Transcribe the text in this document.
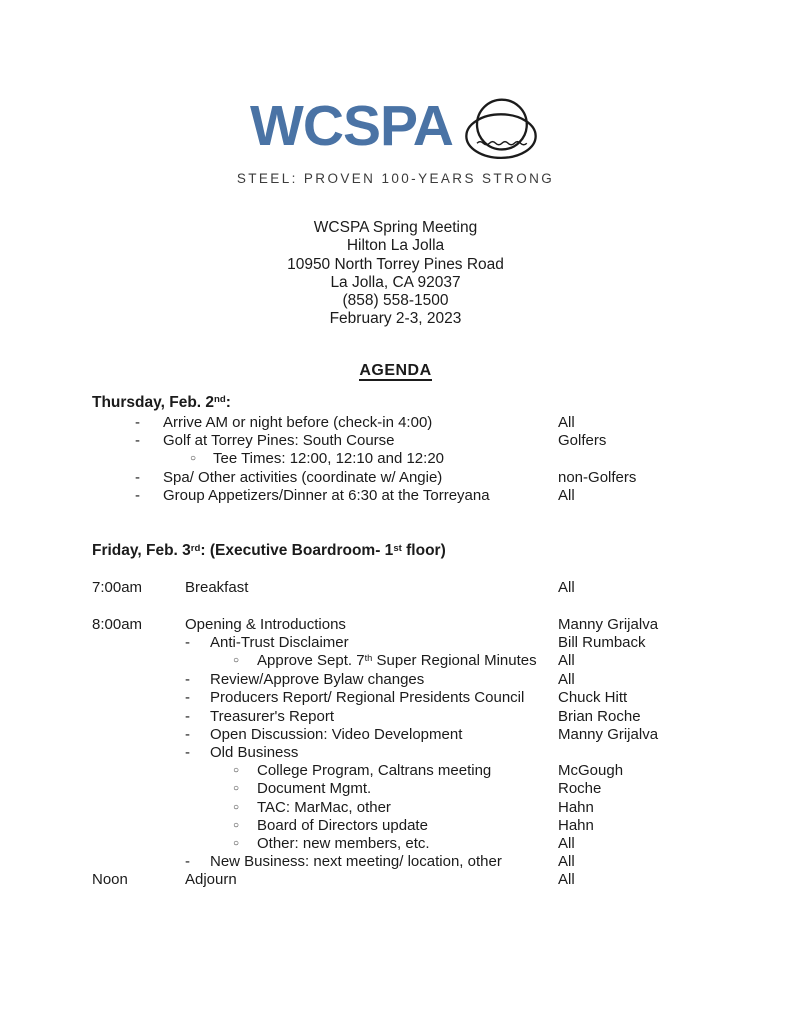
WCSPA
STEEL: PROVEN 100-YEARS STRONG
WCSPA Spring Meeting
Hilton La Jolla
10950 North Torrey Pines Road
La Jolla, CA 92037
(858) 558-1500
February 2-3, 2023
AGENDA
Thursday, Feb. 2nd:
-	Arrive AM or night before (check-in 4:00)	All
-	Golf at Torrey Pines: South Course	Golfers
○	Tee Times: 12:00, 12:10 and 12:20
-	Spa/ Other activities (coordinate w/ Angie)	non-Golfers
-	Group Appetizers/Dinner at 6:30 at the Torreyana	All
Friday, Feb. 3rd: (Executive Boardroom- 1st floor)
7:00am	Breakfast	All
8:00am	Opening & Introductions	Manny Grijalva
-	Anti-Trust Disclaimer	Bill Rumback
○	Approve Sept. 7th Super Regional Minutes	All
-	Review/Approve Bylaw changes	All
-	Producers Report/ Regional Presidents Council	Chuck Hitt
-	Treasurer's Report	Brian Roche
-	Open Discussion: Video Development	Manny Grijalva
-	Old Business
○	College Program, Caltrans meeting	McGough
○	Document Mgmt.	Roche
○	TAC: MarMac, other	Hahn
○	Board of Directors update	Hahn
○	Other: new members, etc.	All
-	New Business: next meeting/ location, other	All
Noon	Adjourn	All
